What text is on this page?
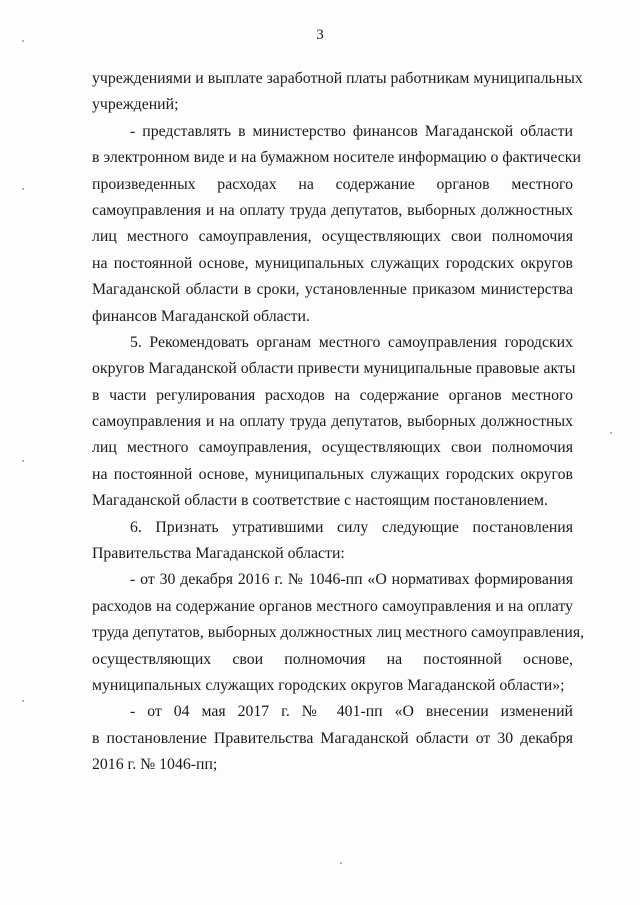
3
учреждениями и выплате заработной платы работникам муниципальных
учреждений;
- представлять в министерство финансов Магаданской области
в электронном виде и на бумажном носителе информацию о фактически
произведенных расходах на содержание органов местного
самоуправления и на оплату труда депутатов, выборных должностных
лиц местного самоуправления, осуществляющих свои полномочия
на постоянной основе, муниципальных служащих городских округов
Магаданской области в сроки, установленные приказом министерства
финансов Магаданской области.
5. Рекомендовать органам местного самоуправления городских
округов Магаданской области привести муниципальные правовые акты
в части регулирования расходов на содержание органов местного
самоуправления и на оплату труда депутатов, выборных должностных
лиц местного самоуправления, осуществляющих свои полномочия
на постоянной основе, муниципальных служащих городских округов
Магаданской области в соответствие с настоящим постановлением.
6. Признать утратившими силу следующие постановления
Правительства Магаданской области:
- от 30 декабря 2016 г. № 1046-пп «О нормативах формирования
расходов на содержание органов местного самоуправления и на оплату
труда депутатов, выборных должностных лиц местного самоуправления,
осуществляющих свои полномочия на постоянной основе,
муниципальных служащих городских округов Магаданской области»;
- от 04 мая 2017 г. № 401-пп «О внесении изменений
в постановление Правительства Магаданской области от 30 декабря
2016 г. № 1046-пп;
